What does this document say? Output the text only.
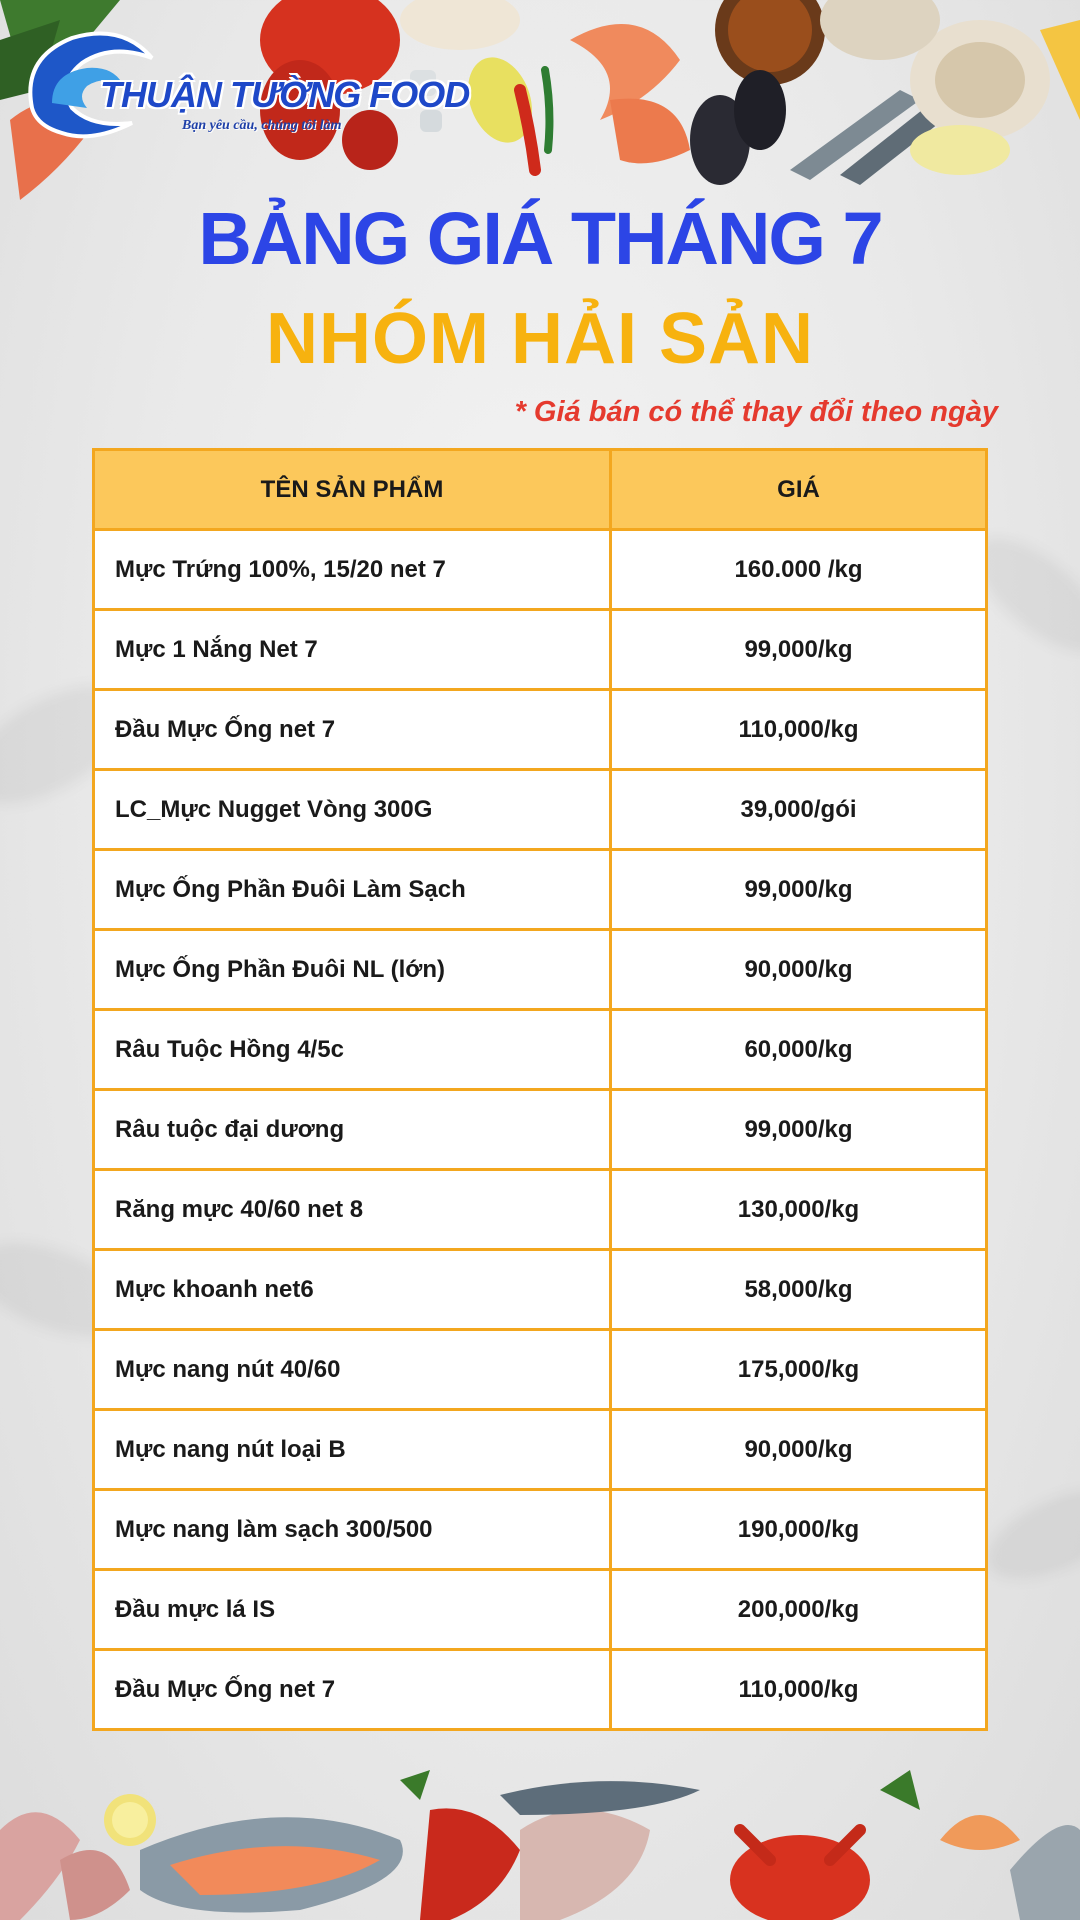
THUẬN TƯỜNG FOOD
Bạn yêu cầu, chúng tôi làm
BẢNG GIÁ THÁNG 7
NHÓM HẢI SẢN
* Giá bán có thể thay đổi theo ngày
TÊN SẢN PHẨM	GIÁ
Mực Trứng 100%, 15/20 net 7	160.000 /kg
Mực 1 Nắng Net 7	99,000/kg
Đầu Mực Ống net 7	110,000/kg
LC_Mực Nugget Vòng 300G	39,000/gói
Mực Ống Phần Đuôi Làm Sạch	99,000/kg
Mực Ống Phần Đuôi NL (lớn)	90,000/kg
Râu Tuộc Hồng 4/5c	60,000/kg
Râu tuộc đại dương	99,000/kg
Răng mực 40/60 net 8	130,000/kg
Mực khoanh net6	58,000/kg
Mực nang nút 40/60	175,000/kg
Mực nang nút loại B	90,000/kg
Mực nang làm sạch 300/500	190,000/kg
Đầu mực lá IS	200,000/kg
Đầu Mực Ống net 7	110,000/kg
